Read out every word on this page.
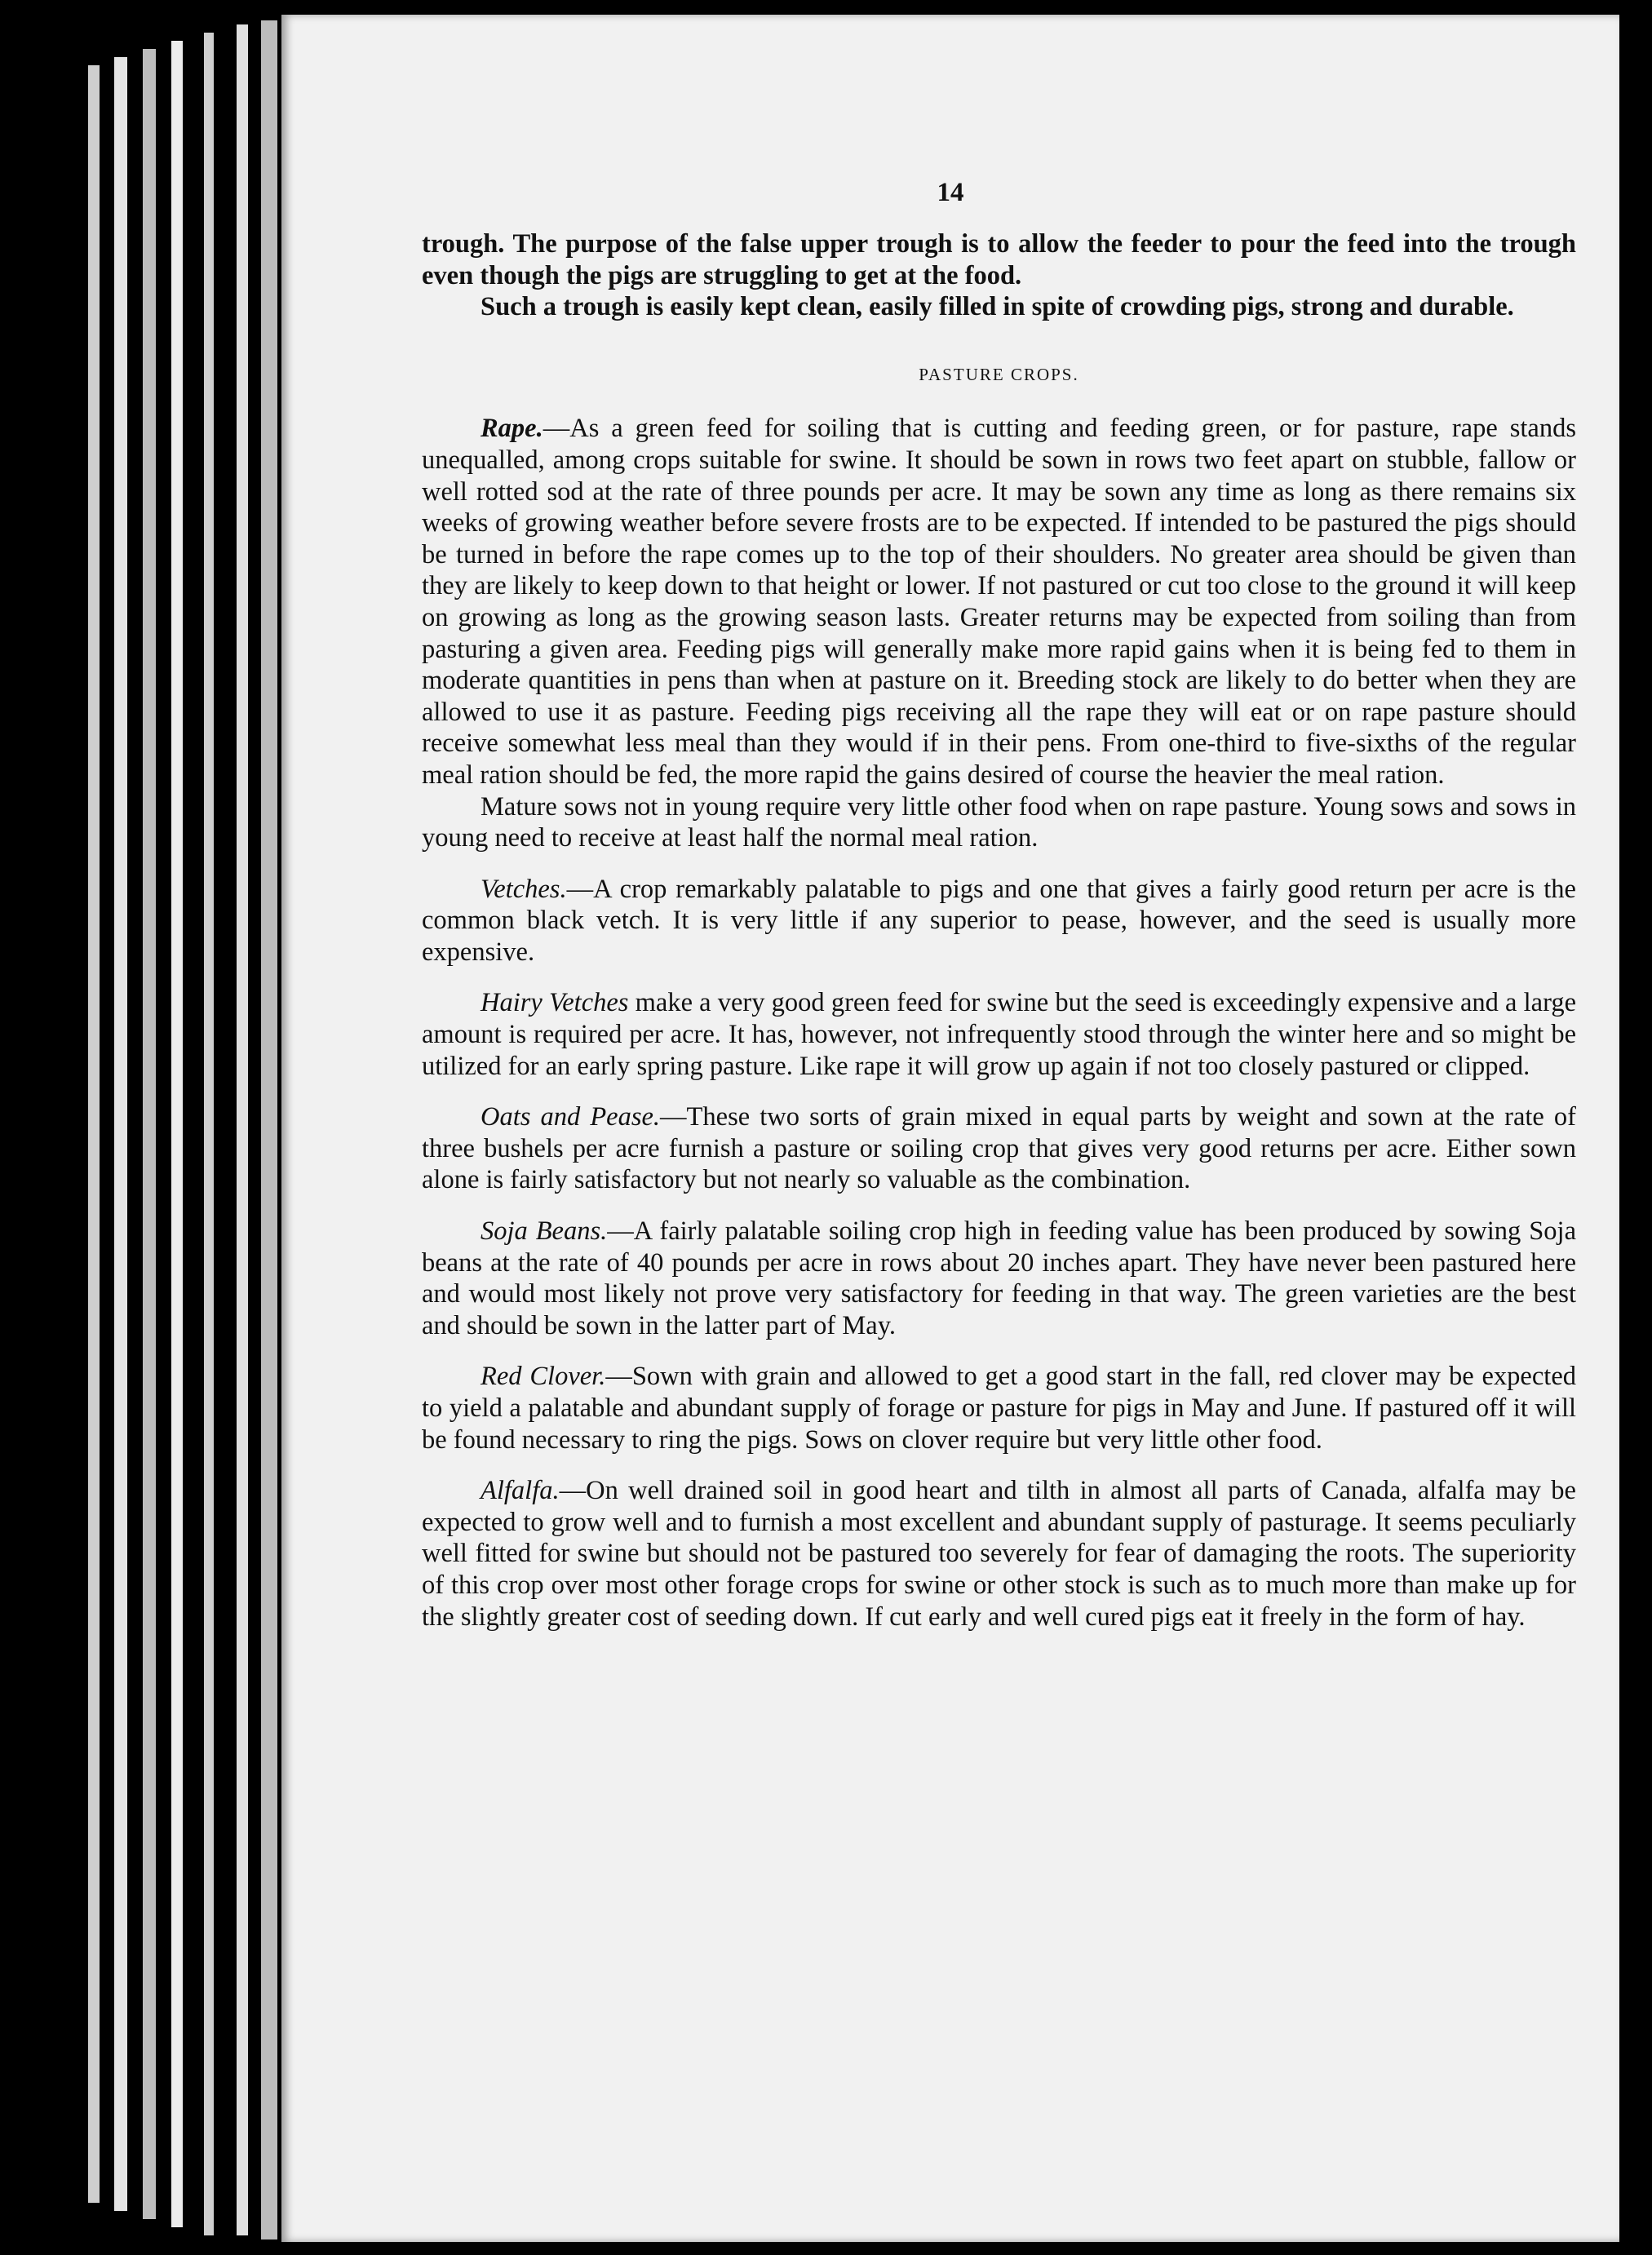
14

trough. The purpose of the false upper trough is to allow the feeder to pour the feed into the trough even though the pigs are struggling to get at the food.

Such a trough is easily kept clean, easily filled in spite of crowding pigs, strong and durable.

PASTURE CROPS.

Rape.—As a green feed for soiling that is cutting and feeding green, or for pasture, rape stands unequalled, among crops suitable for swine. It should be sown in rows two feet apart on stubble, fallow or well rotted sod at the rate of three pounds per acre. It may be sown any time as long as there remains six weeks of growing weather before severe frosts are to be expected. If intended to be pastured the pigs should be turned in before the rape comes up to the top of their shoulders. No greater area should be given than they are likely to keep down to that height or lower. If not pastured or cut too close to the ground it will keep on growing as long as the growing season lasts. Greater returns may be expected from soiling than from pasturing a given area. Feeding pigs will generally make more rapid gains when it is being fed to them in moderate quantities in pens than when at pasture on it. Breeding stock are likely to do better when they are allowed to use it as pasture. Feeding pigs receiving all the rape they will eat or on rape pasture should receive somewhat less meal than they would if in their pens. From one-third to five-sixths of the regular meal ration should be fed, the more rapid the gains desired of course the heavier the meal ration.

Mature sows not in young require very little other food when on rape pasture. Young sows and sows in young need to receive at least half the normal meal ration.

Vetches.—A crop remarkably palatable to pigs and one that gives a fairly good return per acre is the common black vetch. It is very little if any superior to pease, however, and the seed is usually more expensive.

Hairy Vetches make a very good green feed for swine but the seed is exceedingly expensive and a large amount is required per acre. It has, however, not infrequently stood through the winter here and so might be utilized for an early spring pasture. Like rape it will grow up again if not too closely pastured or clipped.

Oats and Pease.—These two sorts of grain mixed in equal parts by weight and sown at the rate of three bushels per acre furnish a pasture or soiling crop that gives very good returns per acre. Either sown alone is fairly satisfactory but not nearly so valuable as the combination.

Soja Beans.—A fairly palatable soiling crop high in feeding value has been produced by sowing Soja beans at the rate of 40 pounds per acre in rows about 20 inches apart. They have never been pastured here and would most likely not prove very satisfactory for feeding in that way. The green varieties are the best and should be sown in the latter part of May.

Red Clover.—Sown with grain and allowed to get a good start in the fall, red clover may be expected to yield a palatable and abundant supply of forage or pasture for pigs in May and June. If pastured off it will be found necessary to ring the pigs. Sows on clover require but very little other food.

Alfalfa.—On well drained soil in good heart and tilth in almost all parts of Canada, alfalfa may be expected to grow well and to furnish a most excellent and abundant supply of pasturage. It seems peculiarly well fitted for swine but should not be pastured too severely for fear of damaging the roots. The superiority of this crop over most other forage crops for swine or other stock is such as to much more than make up for the slightly greater cost of seeding down. If cut early and well cured pigs eat it freely in the form of hay.
